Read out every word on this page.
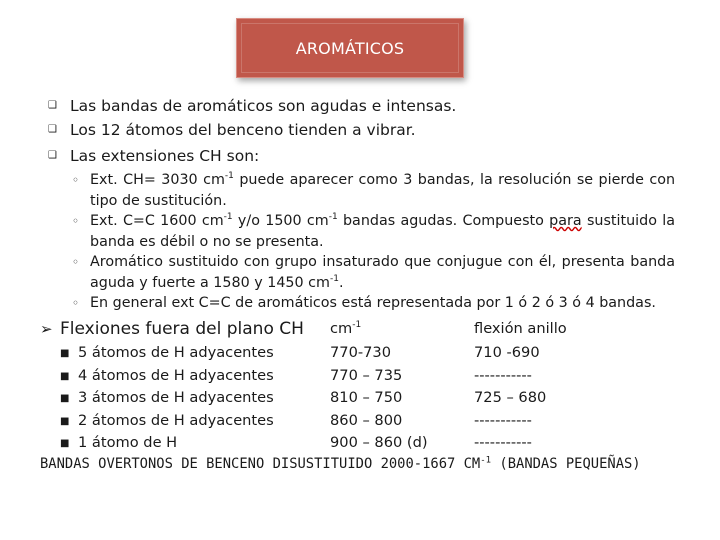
AROMÁTICOS
❑ Las bandas de aromáticos son agudas e intensas.
❑ Los 12 átomos del benceno tienden a vibrar.
❑ Las extensiones CH son:
◦ Ext. CH= 3030 $cm^{-1}$ puede aparecer como 3 bandas, la resolución se pierde con tipo de sustitución.
◦ Ext. C=C 1600 $cm^{-1}$ y/o 1500 $cm^{-1}$ bandas agudas. Compuesto para sustituido la banda es débil o no se presenta.
◦ Aromático sustituido con grupo insaturado que conjugue con él, presenta banda aguda y fuerte a 1580 y 1450 $cm^{-1}$.
◦ En general ext C=C de aromáticos está representada por 1 ó 2 ó 3 ó 4 bandas.
➢ Flexiones fuera del plano CH $cm^{-1}$	flexión anillo
■ 5 átomos de H adyacentes
■ 4 átomos de H adyacentes
■ 3 átomos de H adyacentes
■ 2 átomos de H adyacentes
■ 1 átomo de H
770-730
770 – 735
810 – 750
860 – 800
900 – 860 (d)
710 -690
-----------
725 – 680
-----------
-----------
BANDAS OVERTONOS DE BENCENO DISUSTITUIDO 2000-1667 $CM^{-1}$ (BANDAS PEQUEÑAS)
